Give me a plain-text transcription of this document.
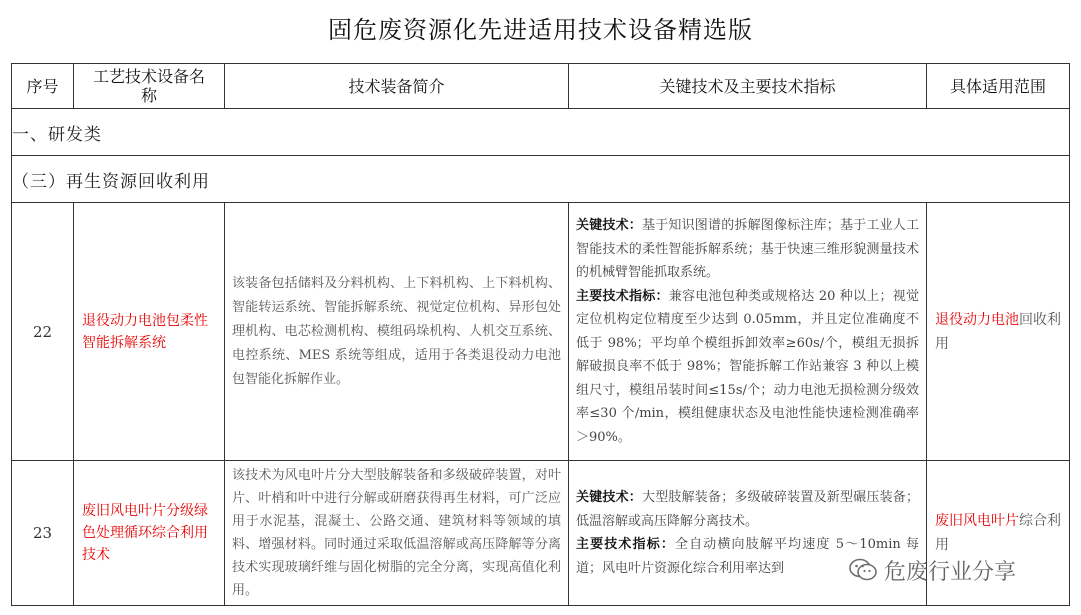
固危废资源化先进适用技术设备精选版
序号	工艺技术设备名称	技术装备简介	关键技术及主要技术指标	具体适用范围
一、研发类				
（三）再生资源回收利用				
22	退役动力电池包柔性智能拆解系统	该装备包括储料及分料机构、上下料机构、上下料机构、智能转运系统、智能拆解系统、视觉定位机构、异形包处理机构、电芯检测机构、模组码垛机构、人机交互系统、电控系统、MES 系统等组成，适用于各类退役动力电池包智能化拆解作业。	关键技术：基于知识图谱的拆解图像标注库；基于工业人工智能技术的柔性智能拆解系统；基于快速三维形貌测量技术的机械臂智能抓取系统。
主要技术指标：兼容电池包种类或规格达 20 种以上；视觉定位机构定位精度至少达到 0.05mm，并且定位准确度不低于 98%；平均单个模组拆卸效率≥60s/个，模组无损拆解破损良率不低于 98%；智能拆解工作站兼容 3 种以上模组尺寸，模组吊装时间≤15s/个；动力电池无损检测分级效率≤30 个/min，模组健康状态及电池性能快速检测准确率＞90%。	退役动力电池回收利用
23	废旧风电叶片分级绿色处理循环综合利用技术	该技术为风电叶片分大型肢解装备和多级破碎装置，对叶片、叶梢和叶中进行分解或研磨获得再生材料，可广泛应用于水泥基，混凝土、公路交通、建筑材料等领域的填料、增强材料。同时通过采取低温溶解或高压降解等分离技术实现玻璃纤维与固化树脂的完全分离，实现高值化利用。	关键技术：大型肢解装备；多级破碎装置及新型碾压装备；低温溶解或高压降解分离技术。
主要技术指标：全自动横向肢解平均速度 5～10min 每道；风电叶片资源化综合利用率达到	废旧风电叶片综合利用
危废行业分享
